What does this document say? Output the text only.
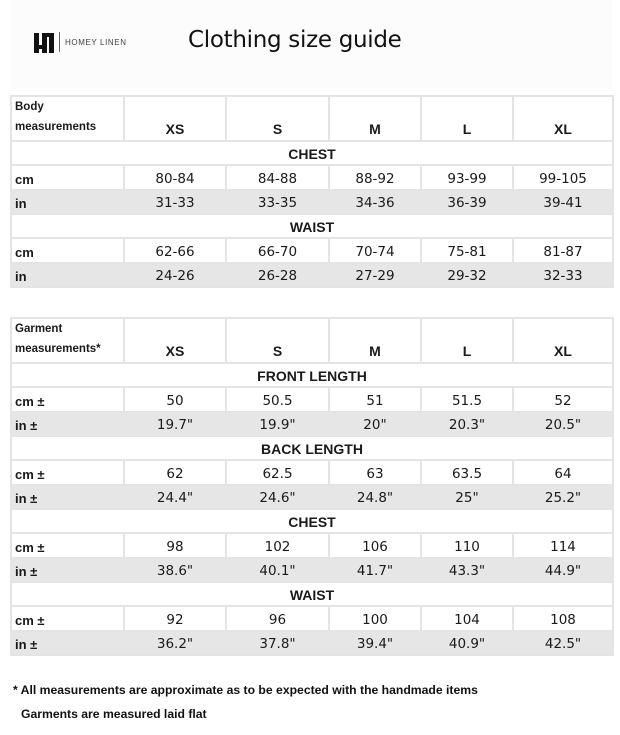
HOMEY LINEN	Clothing size guide
Body
measurements	XS	S	M	L	XL
CHEST					
cm	80-84	84-88	88-92	93-99	99-105
in	31-33	33-35	34-36	36-39	39-41
WAIST					
cm	62-66	66-70	70-74	75-81	81-87
in	24-26	26-28	27-29	29-32	32-33
Garment
measurements*	XS	S	M	L	XL
FRONT LENGTH					
cm ±	50	50.5	51	51.5	52
in ±	19.7"	19.9"	20"	20.3"	20.5"
BACK LENGTH					
cm ±	62	62.5	63	63.5	64
in ±	24.4"	24.6"	24.8"	25"	25.2"
CHEST					
cm ±	98	102	106	110	114
in ±	38.6"	40.1"	41.7"	43.3"	44.9"
WAIST					
cm ±	92	96	100	104	108
in ±	36.2"	37.8"	39.4"	40.9"	42.5"
* All measurements are approximate as to be expected with the handmade items
Garments are measured laid flat
